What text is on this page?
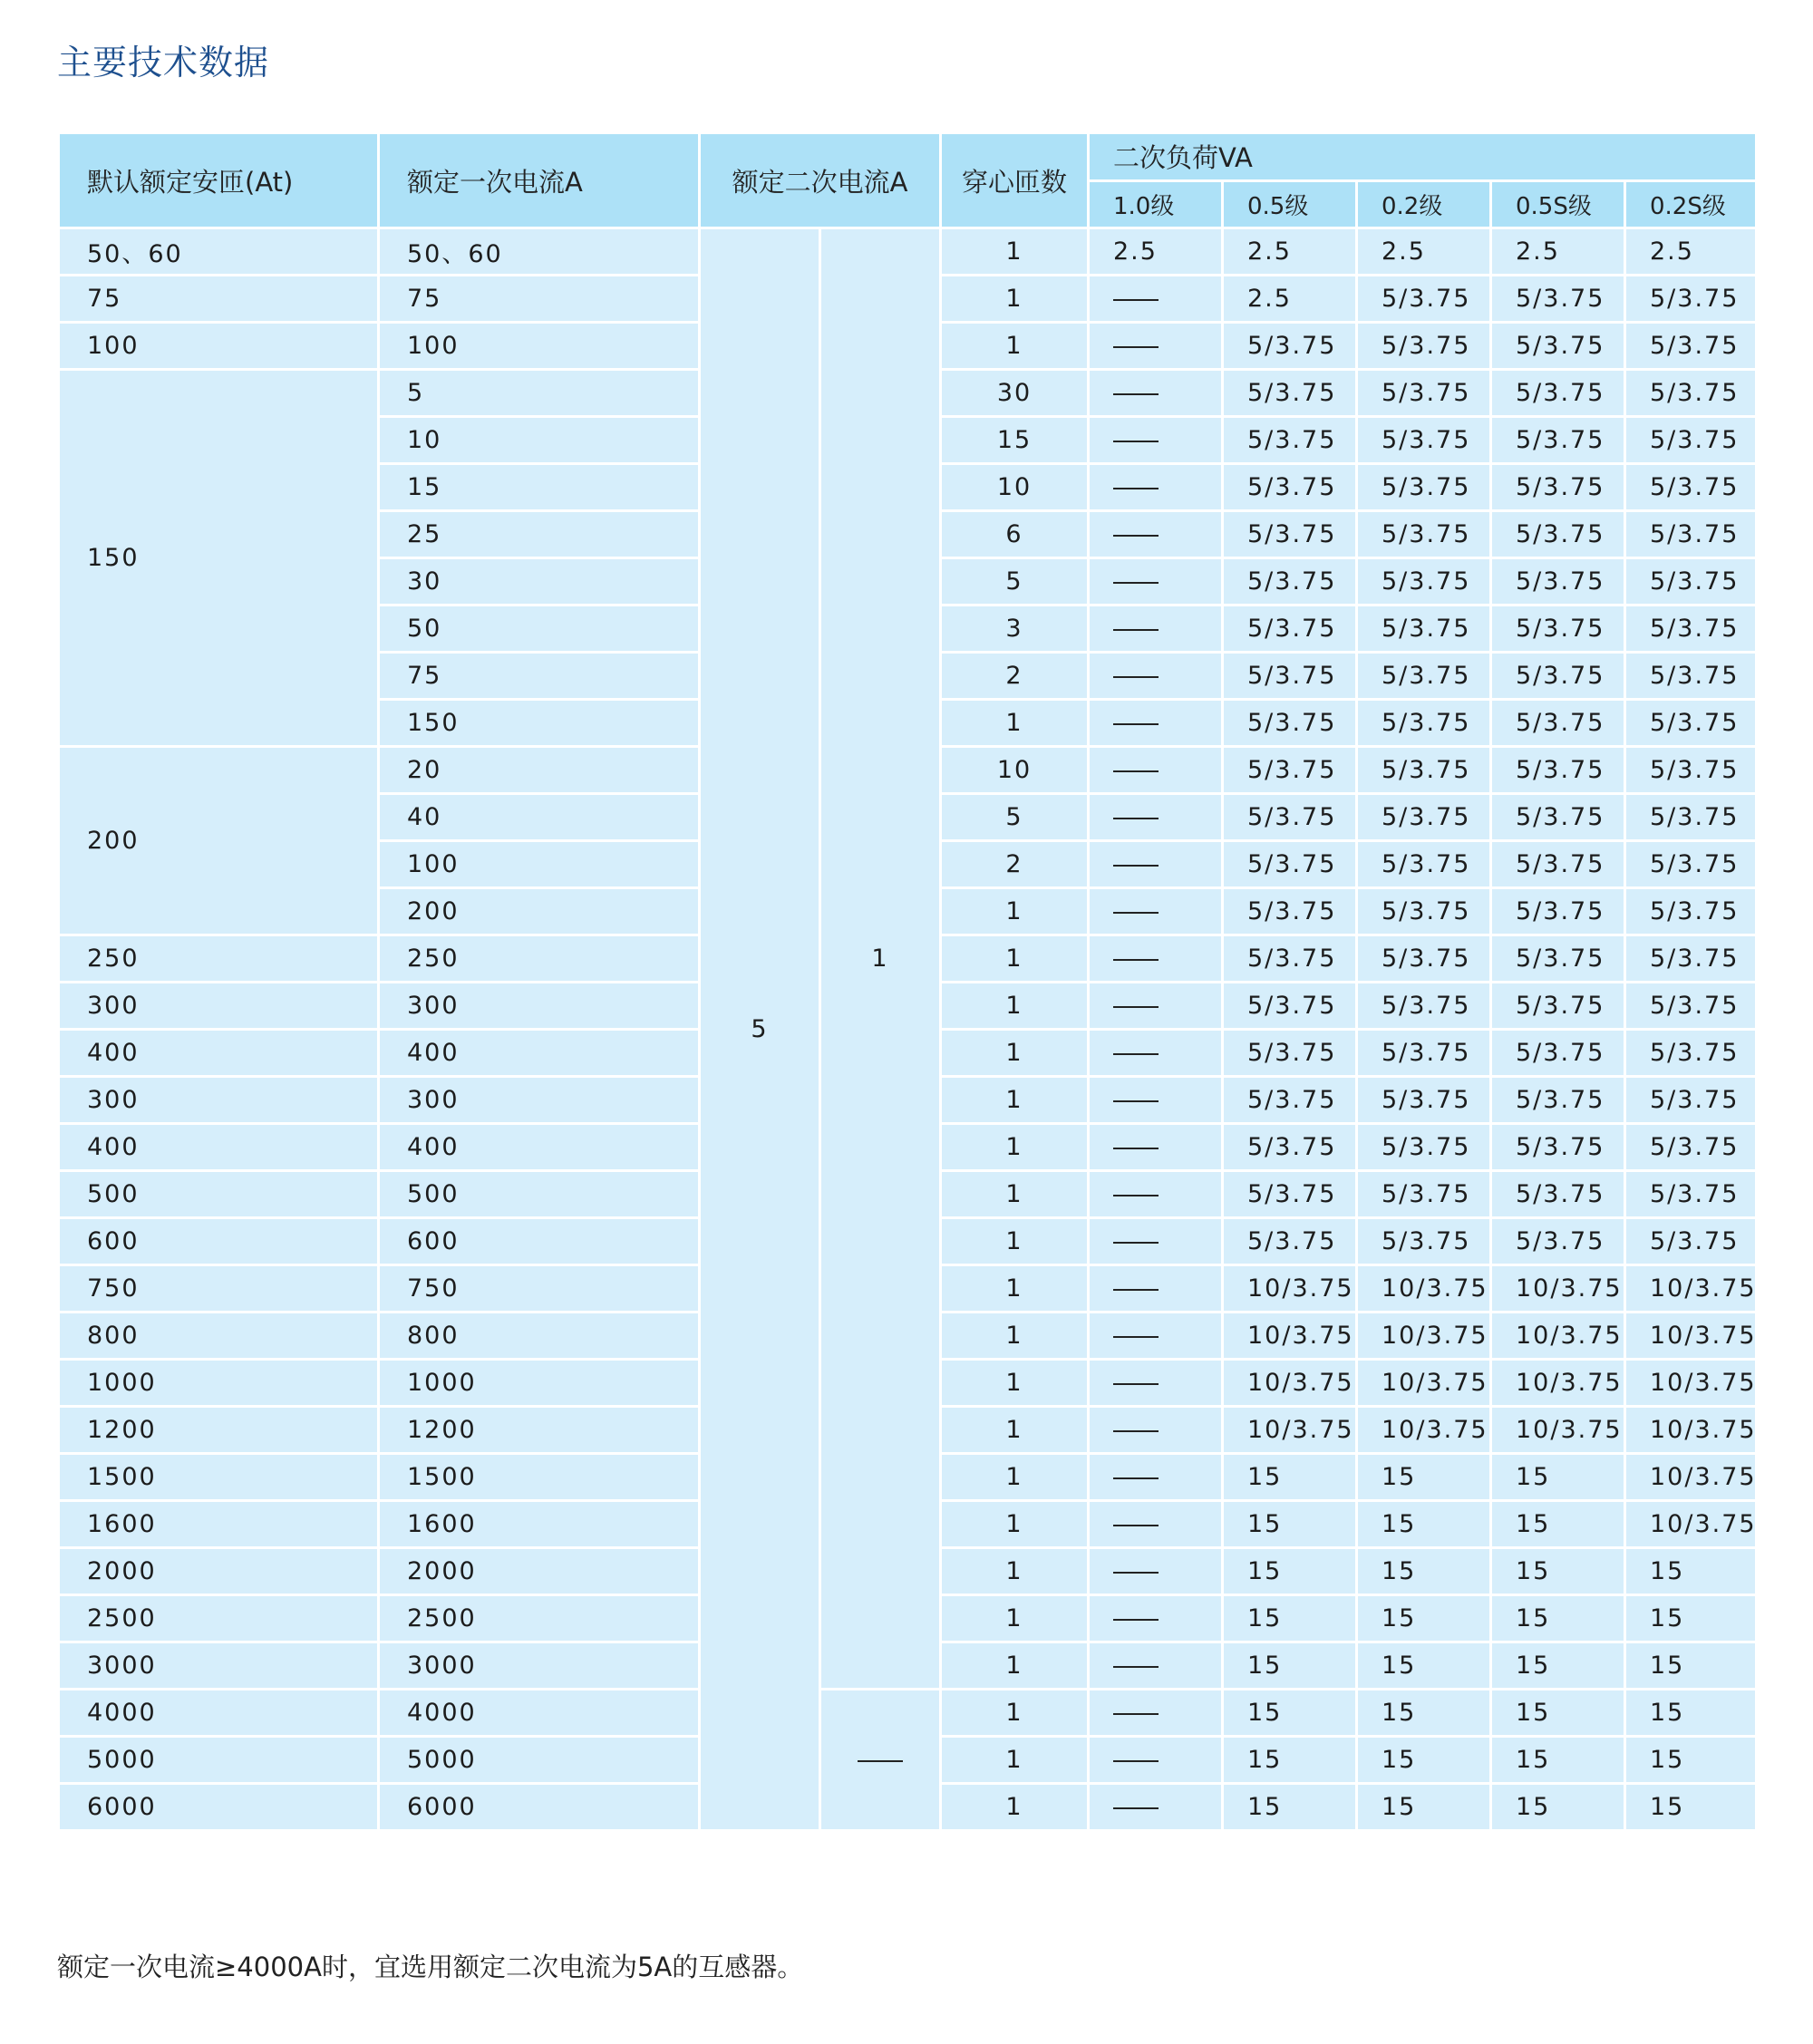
主要技术数据
默认额定安匝(At)	额定一次电流A	额定二次电流A		穿心匝数	二次负荷VA				
					1.0级	0.5级	0.2级	0.5S级	0.2S级
50、60	50、60	5	1	1	2.5	2.5	2.5	2.5	2.5
75	75			1		2.5	5/3.75	5/3.75	5/3.75
100	100			1		5/3.75	5/3.75	5/3.75	5/3.75
150	5			30		5/3.75	5/3.75	5/3.75	5/3.75
	10			15		5/3.75	5/3.75	5/3.75	5/3.75
	15			10		5/3.75	5/3.75	5/3.75	5/3.75
	25			6		5/3.75	5/3.75	5/3.75	5/3.75
	30			5		5/3.75	5/3.75	5/3.75	5/3.75
	50			3		5/3.75	5/3.75	5/3.75	5/3.75
	75			2		5/3.75	5/3.75	5/3.75	5/3.75
	150			1		5/3.75	5/3.75	5/3.75	5/3.75
200	20			10		5/3.75	5/3.75	5/3.75	5/3.75
	40			5		5/3.75	5/3.75	5/3.75	5/3.75
	100			2		5/3.75	5/3.75	5/3.75	5/3.75
	200			1		5/3.75	5/3.75	5/3.75	5/3.75
250	250			1		5/3.75	5/3.75	5/3.75	5/3.75
300	300			1		5/3.75	5/3.75	5/3.75	5/3.75
400	400			1		5/3.75	5/3.75	5/3.75	5/3.75
300	300			1		5/3.75	5/3.75	5/3.75	5/3.75
400	400			1		5/3.75	5/3.75	5/3.75	5/3.75
500	500			1		5/3.75	5/3.75	5/3.75	5/3.75
600	600			1		5/3.75	5/3.75	5/3.75	5/3.75
750	750			1		10/3.75	10/3.75	10/3.75	10/3.75
800	800			1		10/3.75	10/3.75	10/3.75	10/3.75
1000	1000			1		10/3.75	10/3.75	10/3.75	10/3.75
1200	1200			1		10/3.75	10/3.75	10/3.75	10/3.75
1500	1500			1		15	15	15	10/3.75
1600	1600			1		15	15	15	10/3.75
2000	2000			1		15	15	15	15
2500	2500			1		15	15	15	15
3000	3000			1		15	15	15	15
4000	4000			1		15	15	15	15
5000	5000			1		15	15	15	15
6000	6000			1		15	15	15	15
额定一次电流≥4000A时，宜选用额定二次电流为5A的互感器。
